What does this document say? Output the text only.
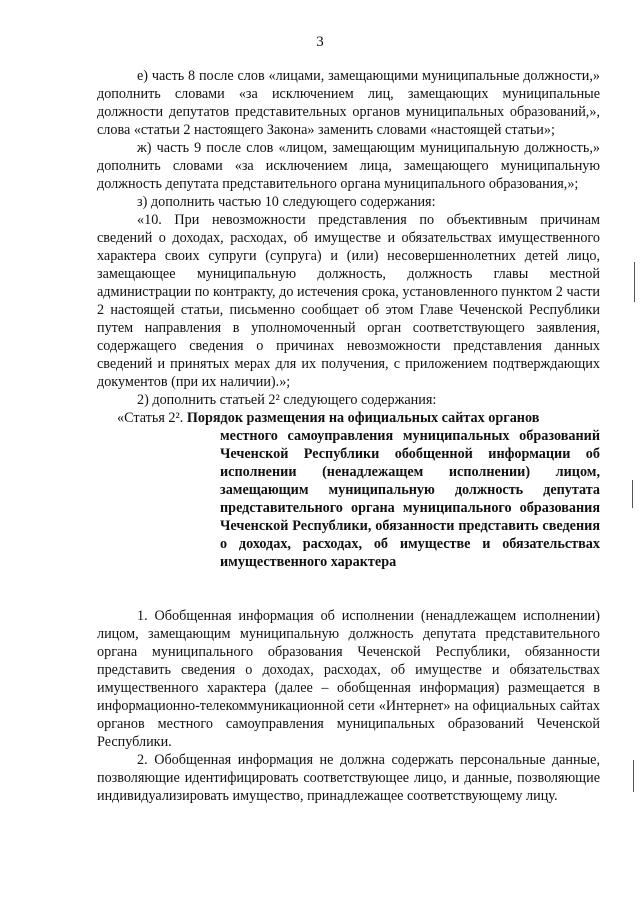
3

е) часть 8 после слов «лицами, замещающими муниципальные должности,» дополнить словами «за исключением лиц, замещающих муниципальные должности депутатов представительных органов муниципальных образований,», слова «статьи 2 настоящего Закона» заменить словами «настоящей статьи»;

ж) часть 9 после слов «лицом, замещающим муниципальную должность,» дополнить словами «за исключением лица, замещающего муниципальную должность депутата представительного органа муниципального образования,»;

з) дополнить частью 10 следующего содержания:

«10. При невозможности представления по объективным причинам сведений о доходах, расходах, об имуществе и обязательствах имущественного характера своих супруги (супруга) и (или) несовершеннолетних детей лицо, замещающее муниципальную должность, должность главы местной администрации по контракту, до истечения срока, установленного пунктом 2 части 2 настоящей статьи, письменно сообщает об этом Главе Чеченской Республики путем направления в уполномоченный орган соответствующего заявления, содержащего сведения о причинах невозможности представления данных сведений и принятых мерах для их получения, с приложением подтверждающих документов (при их наличии).»;

2) дополнить статьей 2² следующего содержания:

«Статья 2². Порядок размещения на официальных сайтах органов
местного самоуправления муниципальных образований Чеченской Республики обобщенной информации об исполнении (ненадлежащем исполнении) лицом, замещающим муниципальную должность депутата представительного органа муниципального образования Чеченской Республики, обязанности представить сведения о доходах, расходах, об имуществе и обязательствах имущественного характера

1. Обобщенная информация об исполнении (ненадлежащем исполнении) лицом, замещающим муниципальную должность депутата представительного органа муниципального образования Чеченской Республики, обязанности представить сведения о доходах, расходах, об имуществе и обязательствах имущественного характера (далее – обобщенная информация) размещается в информационно-телекоммуникационной сети «Интернет» на официальных сайтах органов местного самоуправления муниципальных образований Чеченской Республики.

2. Обобщенная информация не должна содержать персональные данные, позволяющие идентифицировать соответствующее лицо, и данные, позволяющие индивидуализировать имущество, принадлежащее соответствующему лицу.
